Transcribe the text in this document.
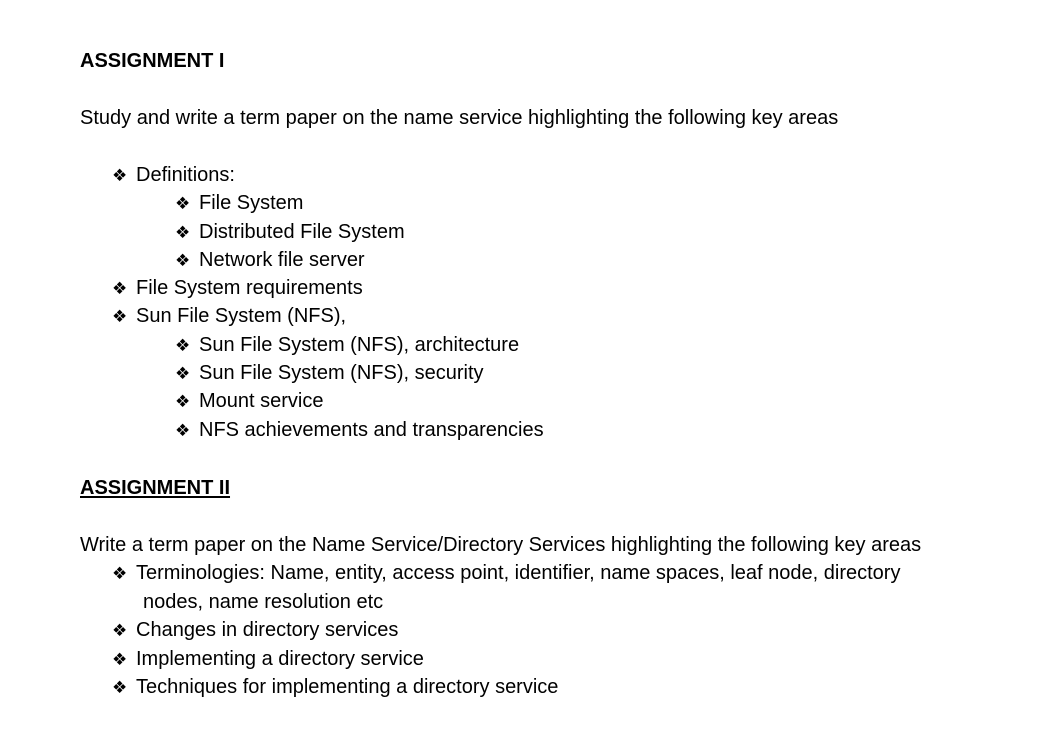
ASSIGNMENT I
Study and write a term paper on the name service highlighting the following key areas
❖ Definitions:
❖ File System
❖ Distributed File System
❖ Network file server
❖ File System requirements
❖ Sun File System (NFS),
❖ Sun File System (NFS), architecture
❖ Sun File System (NFS), security
❖ Mount service
❖ NFS achievements and transparencies
ASSIGNMENT II
Write a term paper on the Name Service/Directory Services highlighting the following key areas
❖ Terminologies: Name, entity, access point, identifier, name spaces, leaf node, directory
nodes, name resolution etc
❖ Changes in directory services
❖ Implementing a directory service
❖ Techniques for implementing a directory service
